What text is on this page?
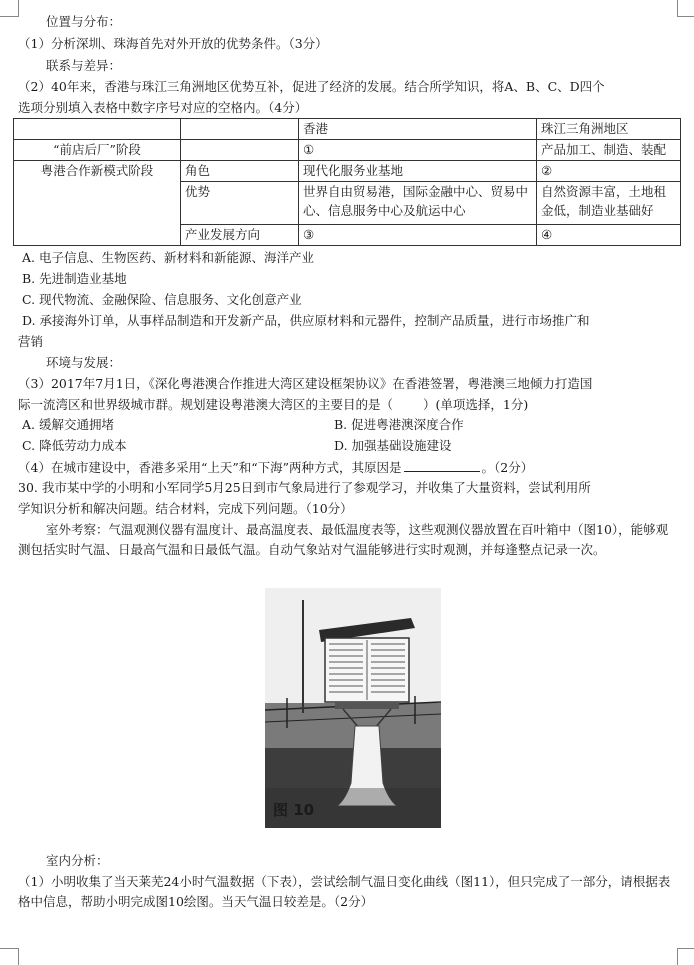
位置与分布：
（1）分析深圳、珠海首先对外开放的优势条件。（3分）
联系与差异：
（2）40年来，香港与珠江三角洲地区优势互补，促进了经济的发展。结合所学知识，将A、B、C、D四个
选项分别填入表格中数字序号对应的空格内。（4分）
		香港	珠江三角洲地区
“前店后厂”阶段		①	产品加工、制造、装配
粤港合作新模式阶段	角色	现代化服务业基地	②
	优势	世界自由贸易港，国际金融中心、贸易中心、信息服务中心及航运中心	自然资源丰富，土地租金低，制造业基础好
	产业发展方向	③	④
A. 电子信息、生物医药、新材料和新能源、海洋产业
B. 先进制造业基地
C. 现代物流、金融保险、信息服务、文化创意产业
D. 承接海外订单，从事样品制造和开发新产品，供应原材料和元器件，控制产品质量，进行市场推广和
营销
环境与发展：
（3）2017年7月1日，《深化粤港澳合作推进大湾区建设框架协议》在香港签署，粤港澳三地倾力打造国
际一流湾区和世界级城市群。规划建设粤港澳大湾区的主要目的是（ ）(单项选择，1分)
A. 缓解交通拥堵	B. 促进粤港澳深度合作
C. 降低劳动力成本	D. 加强基础设施建设
（4）在城市建设中，香港多采用“上天”和“下海”两种方式，其原因是	。（2分）
30. 我市某中学的小明和小军同学5月25日到市气象局进行了参观学习，并收集了大量资料，尝试利用所
学知识分析和解决问题。结合材料，完成下列问题。（10分）
室外考察：气温观测仪器有温度计、最高温度表、最低温度表等，这些观测仪器放置在百叶箱中（图10），能够观测包括实时气温、日最高气温和日最低气温。自动气象站对气温能够进行实时观测，并每逢整点记录一次。
图 10
室内分析：
（1）小明收集了当天莱芜24小时气温数据（下表），尝试绘制气温日变化曲线（图11），但只完成了一部分，请根据表格中信息，帮助小明完成图10绘图。当天气温日较差是。（2分）
